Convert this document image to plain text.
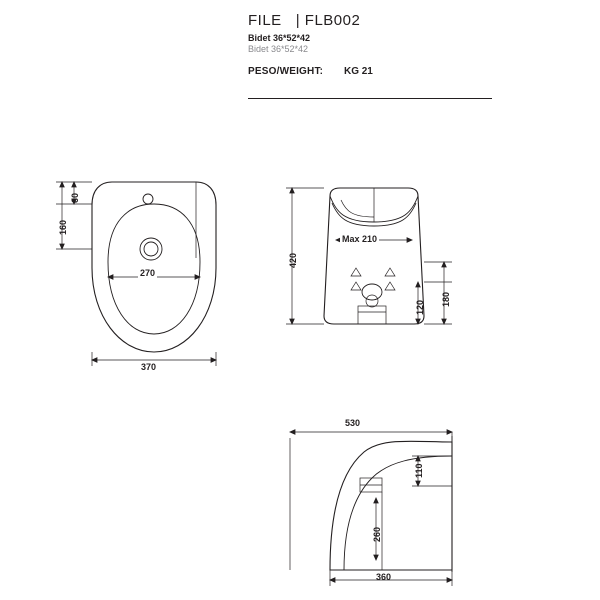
FILE | FLB002
Bidet 36*52*42
Bidet 36*52*42
PESO/WEIGHT: KG 21
60
160
270
370
420
180
120
Max 210
530
110
260
360
